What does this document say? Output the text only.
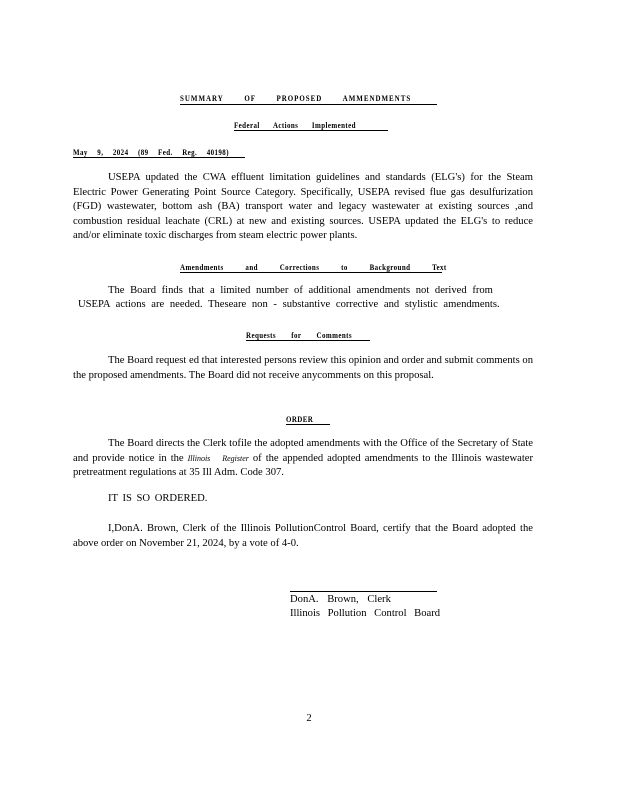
SUMMARY OF PROPOSED AMMENDMENTS
Federal Actions Implemented
May 9, 2024 (89 Fed. Reg. 40198)
USEPA updated the CWA effluent limitation guidelines and standards (ELG's) for the Steam Electric Power Generating Point Source Category. Specifically, USEPA revised flue gas desulfurization (FGD) wastewater, bottom ash (BA) transport water and legacy wastewater at existing sources ,and combustion residual leachate (CRL) at new and existing sources. USEPA updated the ELG's to reduce and/or eliminate toxic discharges from steam electric power plants.
Amendments and Corrections to Background Text
The Board finds that a limited number of additional amendments not derived from
USEPA actions are needed. Theseare non - substantive corrective and stylistic amendments.
Requests for Comments
The Board request ed that interested persons review this opinion and order and submit comments on the proposed amendments. The Board did not receive anycomments on this proposal.
ORDER
The Board directs the Clerk tofile the adopted amendments with the Office of the Secretary of State and provide notice in the Illinois Register of the appended adopted amendments to the Illinois wastewater pretreatment regulations at 35 Ill Adm. Code 307.
IT IS SO ORDERED.
I,DonA. Brown, Clerk of the Illinois PollutionControl Board, certify that the Board adopted the above order on November 21, 2024, by a vote of 4-0.
DonA. Brown, Clerk
Illinois Pollution Control Board
2
